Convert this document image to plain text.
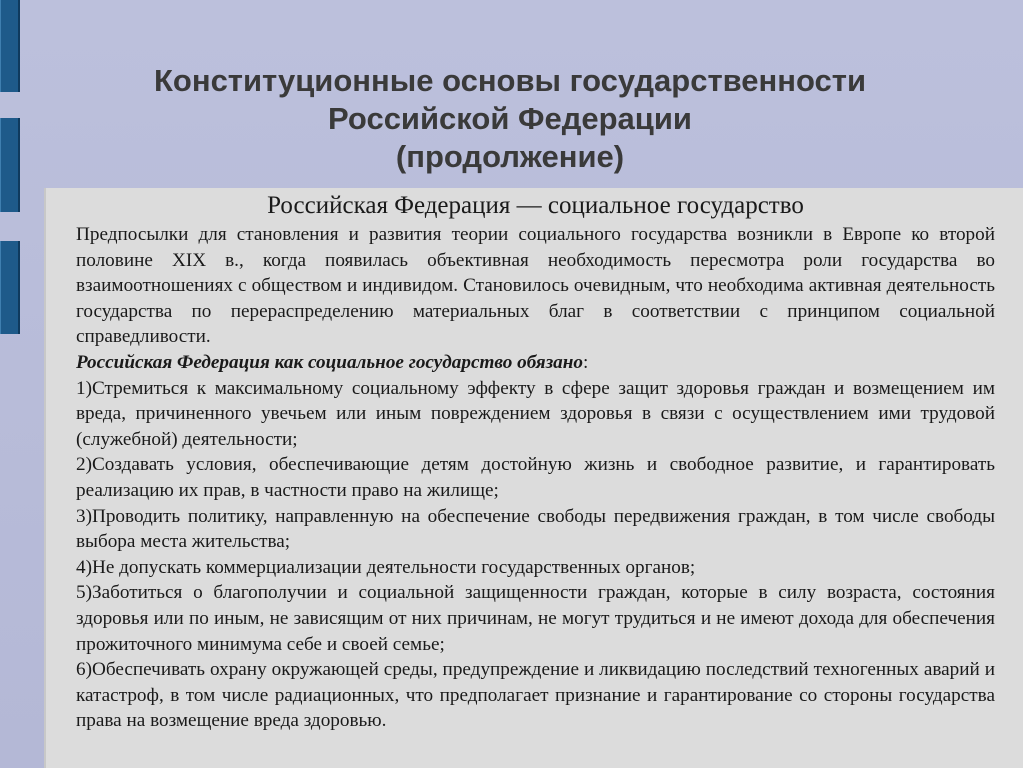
Конституционные основы государственности
Российской Федерации
(продолжение)
Российская Федерация — социальное государство

Предпосылки для становления и развития теории социального государства возникли в Европе ко второй половине XIX в., когда появилась объективная необходимость пересмотра роли государства во взаимоотношениях с обществом и индивидом. Становилось очевидным, что необходима активная деятельность государства по перераспределению материальных благ в соответствии с принципом социальной справедливости.

Российская Федерация как социальное государство обязано:

1)Стремиться к максимальному социальному эффекту в сфере защит здоровья граждан и возмещением им вреда, причиненного увечьем или иным повреждением здоровья в связи с осуществлением ими трудовой (служебной) деятельности;

2)Создавать условия, обеспечивающие детям достойную жизнь и свободное развитие, и гарантировать реализацию их прав, в частности право на жилище;

3)Проводить политику, направленную на обеспечение свободы передвижения граждан, в том числе свободы выбора места жительства;

4)Не допускать коммерциализации деятельности государственных органов;

5)Заботиться о благополучии и социальной защищенности граждан, которые в силу возраста, состояния здоровья или по иным, не зависящим от них причинам, не могут трудиться и не имеют дохода для обеспечения прожиточного минимума себе и своей семье;

6)Обеспечивать охрану окружающей среды, предупреждение и ликвидацию последствий техногенных аварий и катастроф, в том числе радиационных, что предполагает признание и гарантирование со стороны государства права на возмещение вреда здоровью.
